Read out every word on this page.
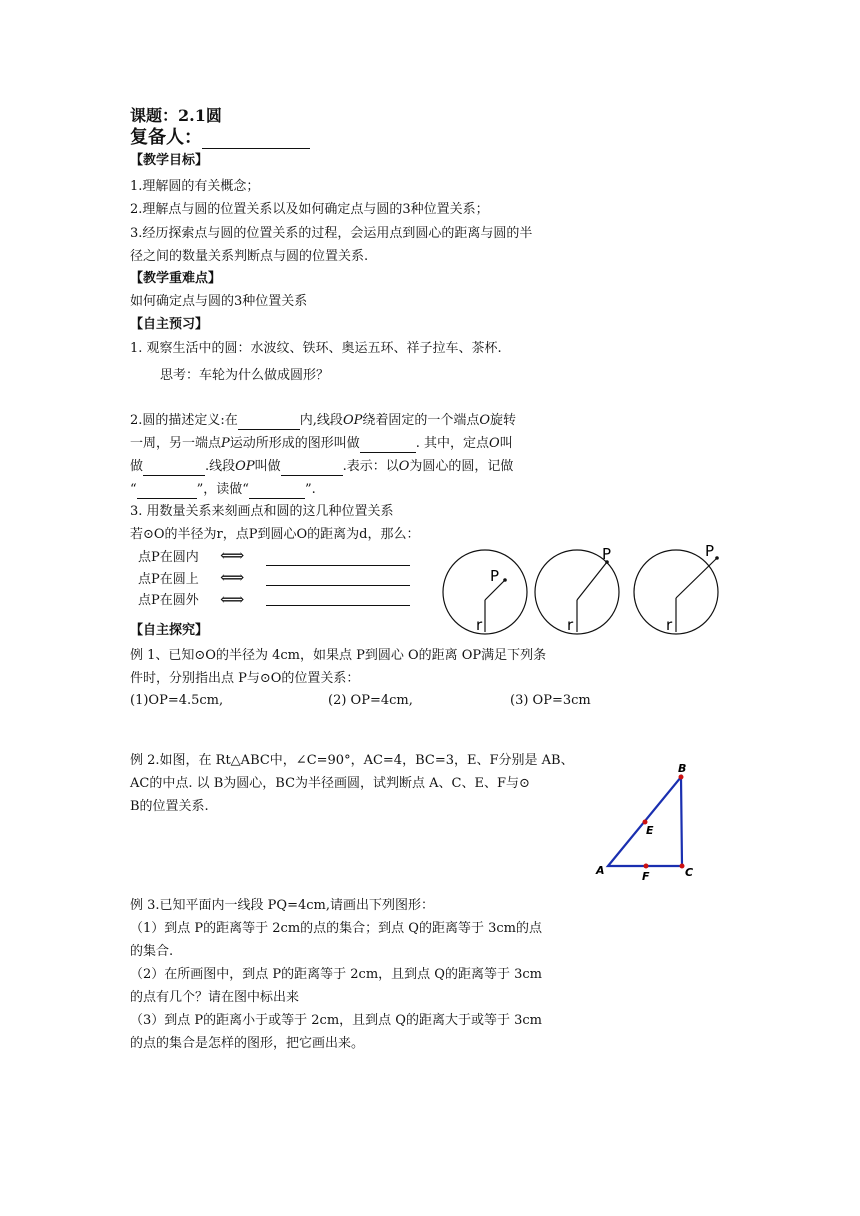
课题：2.1圆
复备人：
【教学目标】
1.理解圆的有关概念；
2.理解点与圆的位置关系以及如何确定点与圆的3种位置关系；
3.经历探索点与圆的位置关系的过程，会运用点到圆心的距离与圆的半
径之间的数量关系判断点与圆的位置关系.
【教学重难点】
如何确定点与圆的3种位置关系
【自主预习】
1. 观察生活中的圆：水波纹、铁环、奥运五环、祥子拉车、茶杯.
思考：车轮为什么做成圆形？
2.圆的描述定义:在	内,线段OP绕着固定的一个端点O旋转
一周，另一端点P运动所形成的图形叫做	. 其中，定点O叫
做	.线段OP叫做	.表示：以O为圆心的圆，记做
“	”，读做“	”.
3. 用数量关系来刻画点和圆的这几种位置关系
若⊙O的半径为r，点P到圆心O的距离为d，那么：
点P在圆内 ⟺
点P在圆上 ⟺
点P在圆外 ⟺
P
r
P
r
P
r
【自主探究】
例 1、已知⊙O的半径为 4cm，如果点 P到圆心 O的距离 OP满足下列条
件时，分别指出点 P与⊙O的位置关系：
(1)OP=4.5cm,	(2) OP=4cm,	(3) OP=3cm
例 2.如图，在 Rt△ABC中，∠C=90°，AC=4，BC=3，E、F分别是 AB、
AC的中点. 以 B为圆心，BC为半径画圆，试判断点 A、C、E、F与⊙
B的位置关系.
B
C
A
E
F
例 3.已知平面内一线段 PQ=4cm,请画出下列图形：
（1）到点 P的距离等于 2cm的点的集合；到点 Q的距离等于 3cm的点
的集合.
（2）在所画图中，到点 P的距离等于 2cm，且到点 Q的距离等于 3cm
的点有几个？请在图中标出来
（3）到点 P的距离小于或等于 2cm，且到点 Q的距离大于或等于 3cm
的点的集合是怎样的图形，把它画出来。
